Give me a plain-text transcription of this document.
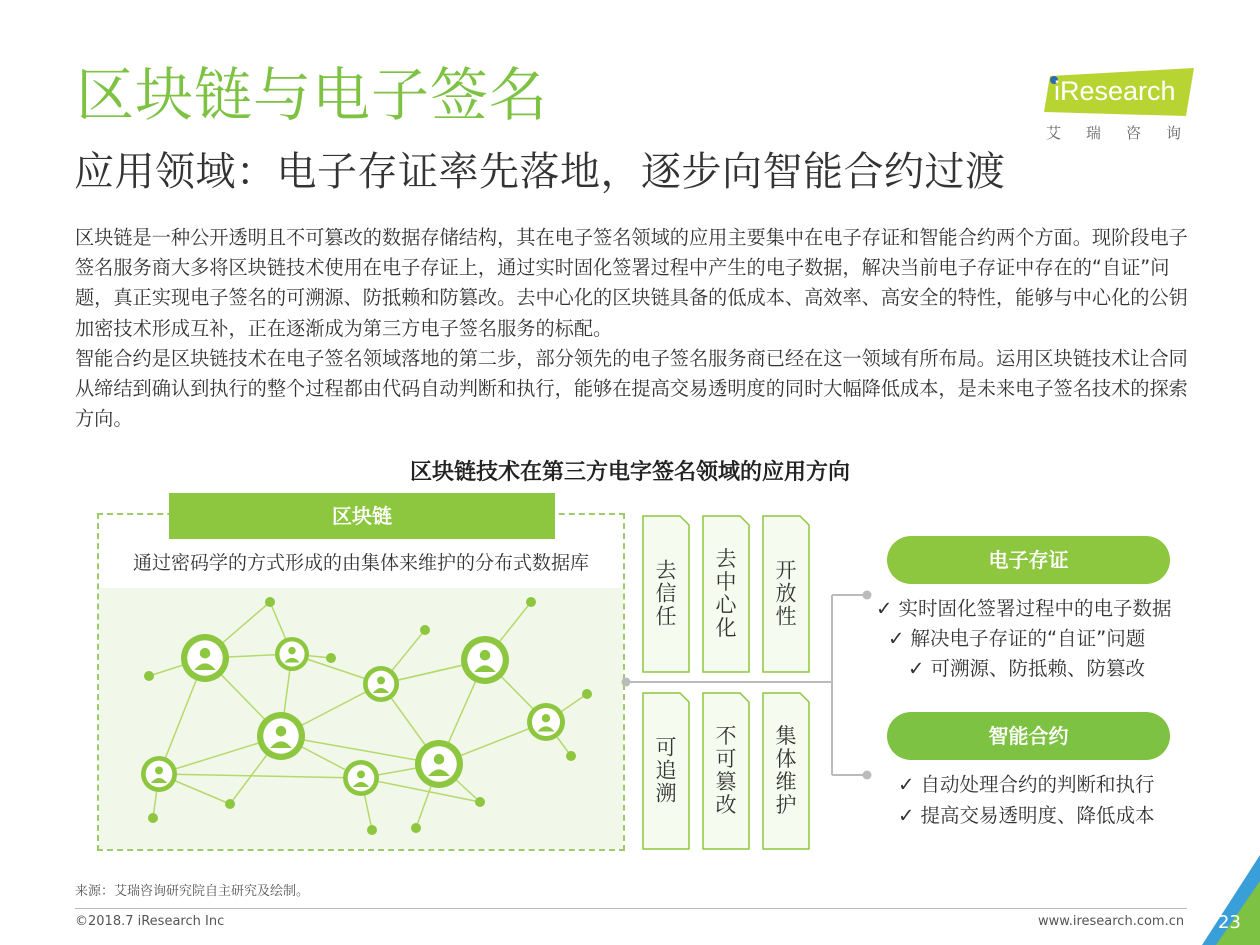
区块链与电子签名
应用领域：电子存证率先落地，逐步向智能合约过渡
iResearch
艾瑞咨询

区块链是一种公开透明且不可篡改的数据存储结构，其在电子签名领域的应用主要集中在电子存证和智能合约两个方面。现阶段电子签名服务商大多将区块链技术使用在电子存证上，通过实时固化签署过程中产生的电子数据，解决当前电子存证中存在的“自证”问题，真正实现电子签名的可溯源、防抵赖和防篡改。去中心化的区块链具备的低成本、高效率、高安全的特性，能够与中心化的公钥加密技术形成互补，正在逐渐成为第三方电子签名服务的标配。

智能合约是区块链技术在电子签名领域落地的第二步，部分领先的电子签名服务商已经在这一领域有所布局。运用区块链技术让合同从缔结到确认到执行的整个过程都由代码自动判断和执行，能够在提高交易透明度的同时大幅降低成本，是未来电子签名技术的探索方向。

区块链技术在第三方电字签名领域的应用方向
区块链
通过密码学的方式形成的由集体来维护的分布式数据库	去信任
去中心化
开放性
可追溯
不可篡改
集体维护
电子存证
✓ 实时固化签署过程中的电子数据
✓ 解决电子存证的“自证”问题
✓ 可溯源、防抵赖、防篡改
智能合约
✓ 自动处理合约的判断和执行
✓ 提高交易透明度、降低成本
来源：艾瑞咨询研究院自主研究及绘制。
©2018.7 iResearch Inc	www.iresearch.com.cn 23
